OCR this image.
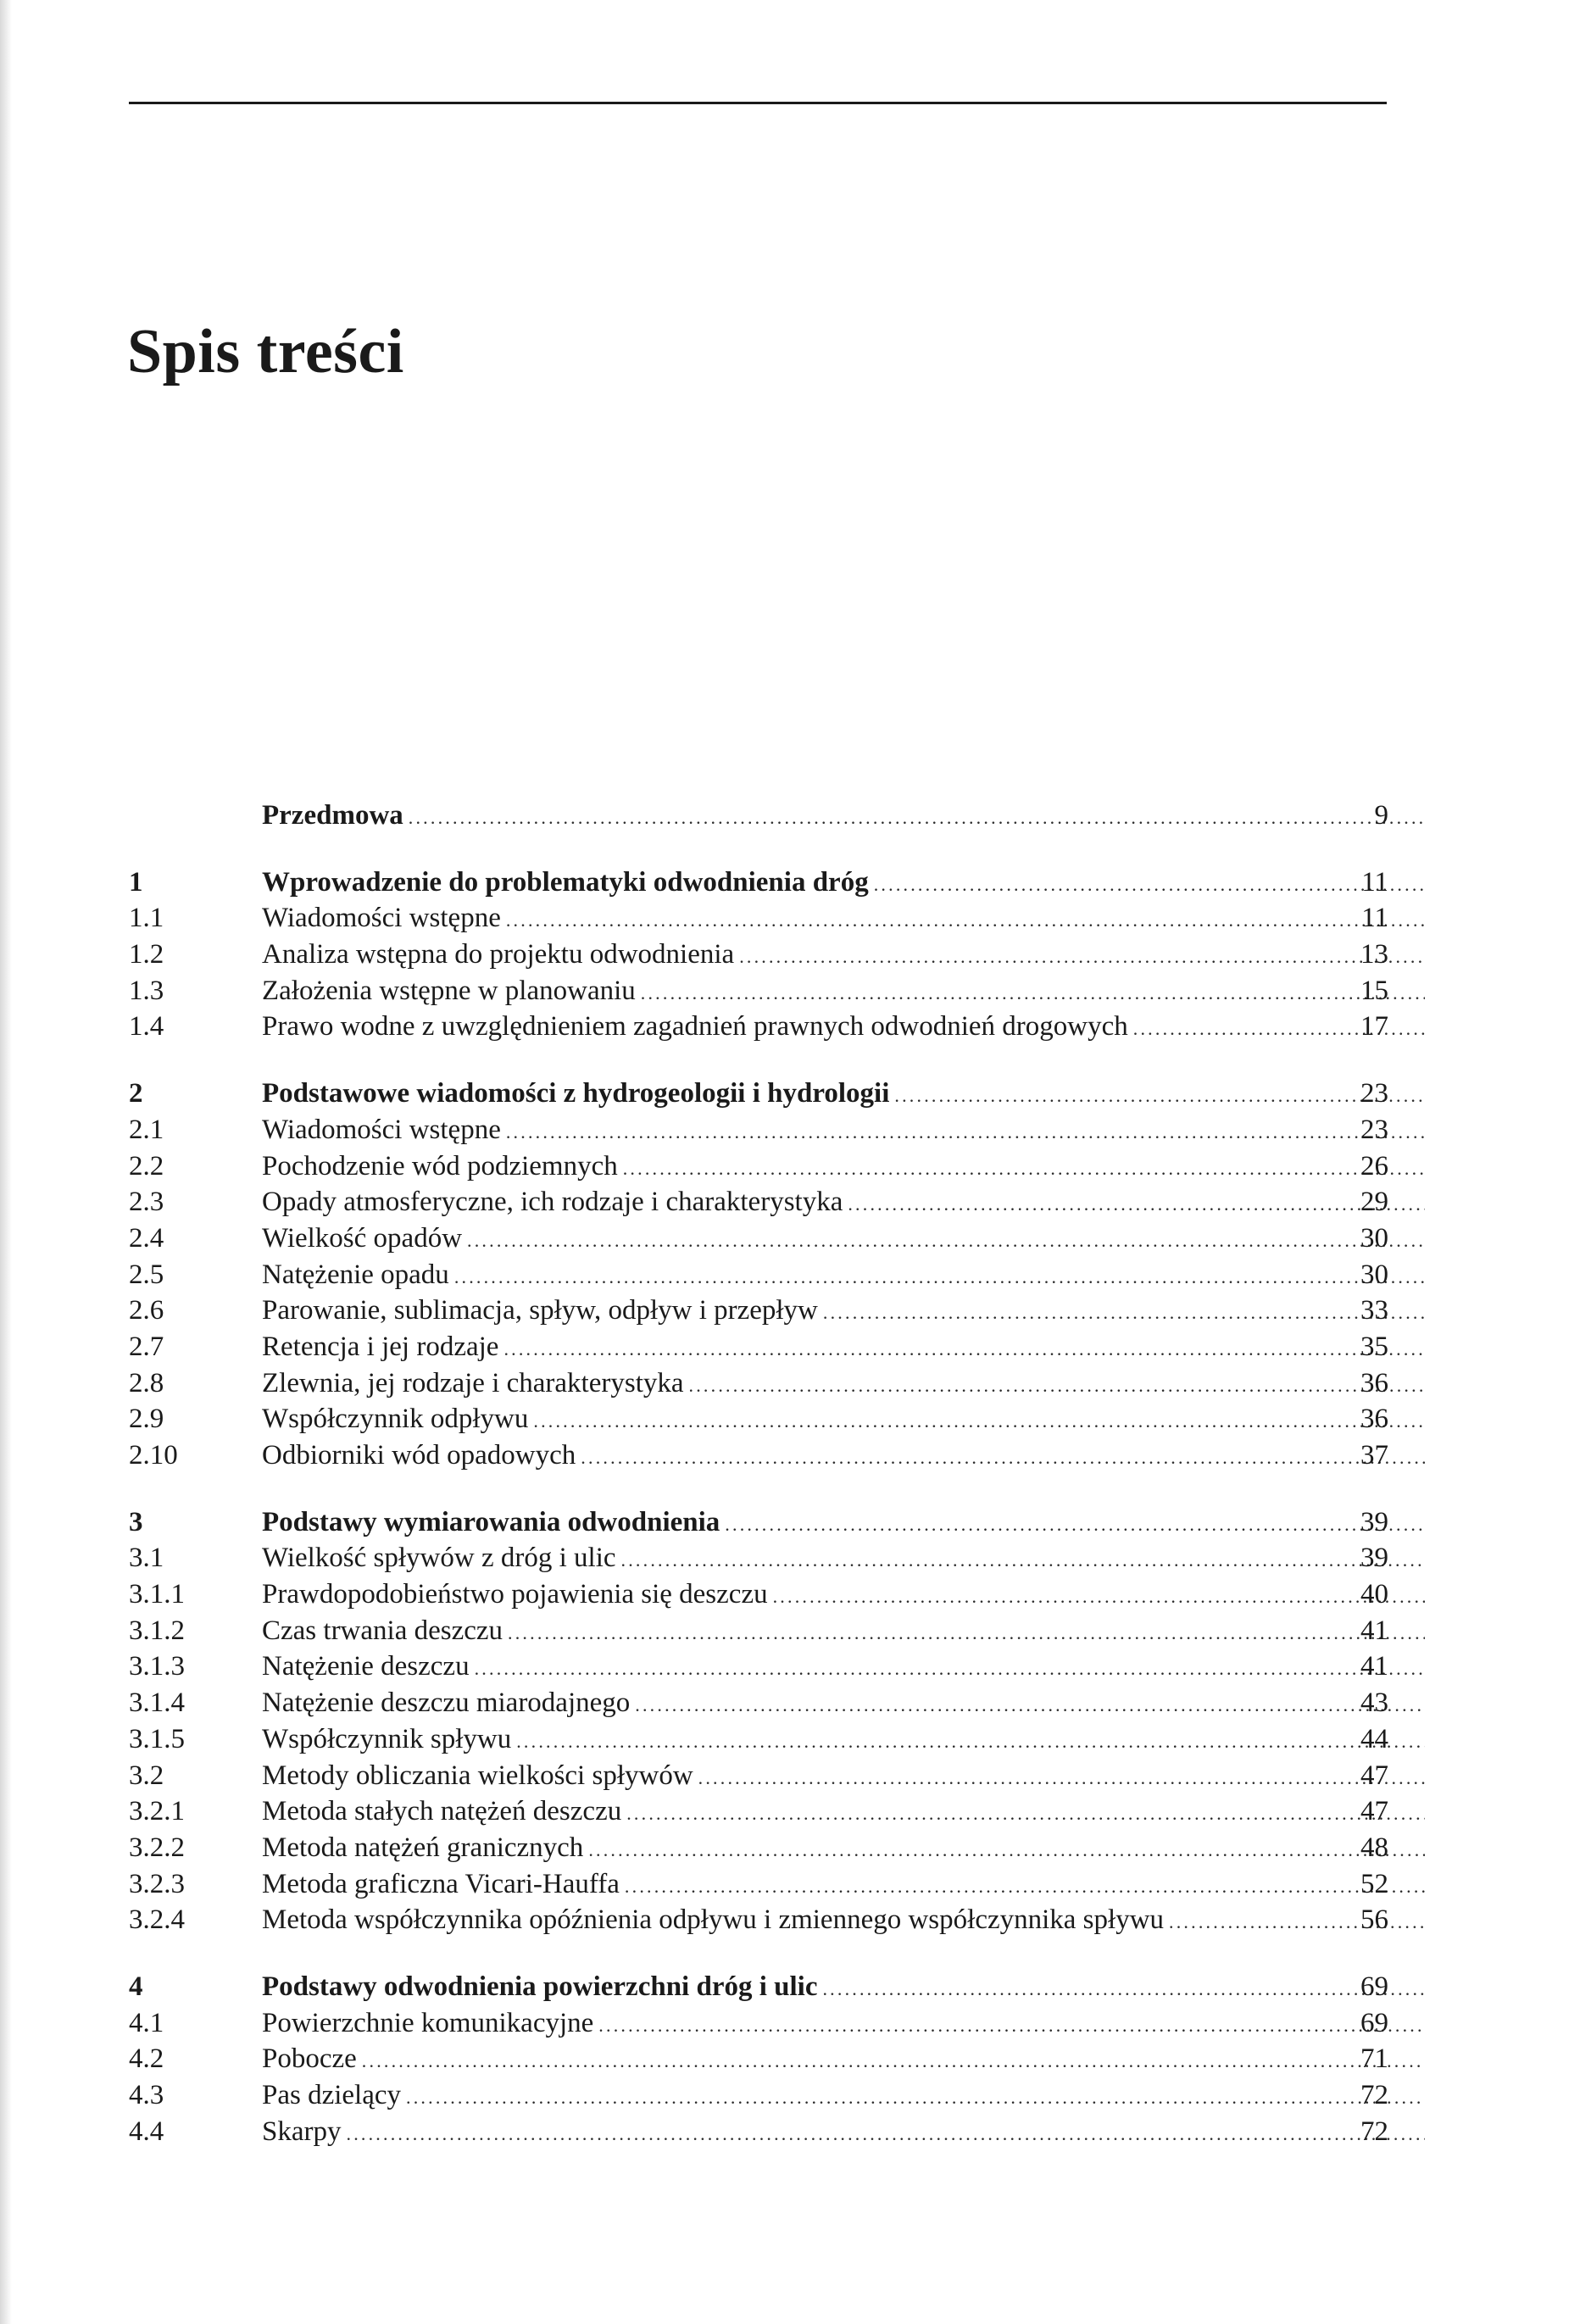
Spis treści
Przedmowa .....	9
1	Wprowadzenie do problematyki odwodnienia dróg .....	11
1.1	Wiadomości wstępne .....	11
1.2	Analiza wstępna do projektu odwodnienia .....	13
1.3	Założenia wstępne w planowaniu .....	15
1.4	Prawo wodne z uwzględnieniem zagadnień prawnych odwodnień drogowych .....	17
2	Podstawowe wiadomości z hydrogeologii i hydrologii .....	23
2.1	Wiadomości wstępne .....	23
2.2	Pochodzenie wód podziemnych .....	26
2.3	Opady atmosferyczne, ich rodzaje i charakterystyka .....	29
2.4	Wielkość opadów .....	30
2.5	Natężenie opadu .....	30
2.6	Parowanie, sublimacja, spływ, odpływ i przepływ .....	33
2.7	Retencja i jej rodzaje .....	35
2.8	Zlewnia, jej rodzaje i charakterystyka .....	36
2.9	Współczynnik odpływu .....	36
2.10	Odbiorniki wód opadowych .....	37
3	Podstawy wymiarowania odwodnienia .....	39
3.1	Wielkość spływów z dróg i ulic .....	39
3.1.1	Prawdopodobieństwo pojawienia się deszczu .....	40
3.1.2	Czas trwania deszczu .....	41
3.1.3	Natężenie deszczu .....	41
3.1.4	Natężenie deszczu miarodajnego .....	43
3.1.5	Współczynnik spływu .....	44
3.2	Metody obliczania wielkości spływów .....	47
3.2.1	Metoda stałych natężeń deszczu .....	47
3.2.2	Metoda natężeń granicznych .....	48
3.2.3	Metoda graficzna Vicari-Hauffa .....	52
3.2.4	Metoda współczynnika opóźnienia odpływu i zmiennego współczynnika spływu .....	56
4	Podstawy odwodnienia powierzchni dróg i ulic .....	69
4.1	Powierzchnie komunikacyjne .....	69
4.2	Pobocze .....	71
4.3	Pas dzielący .....	72
4.4	Skarpy .....	72
